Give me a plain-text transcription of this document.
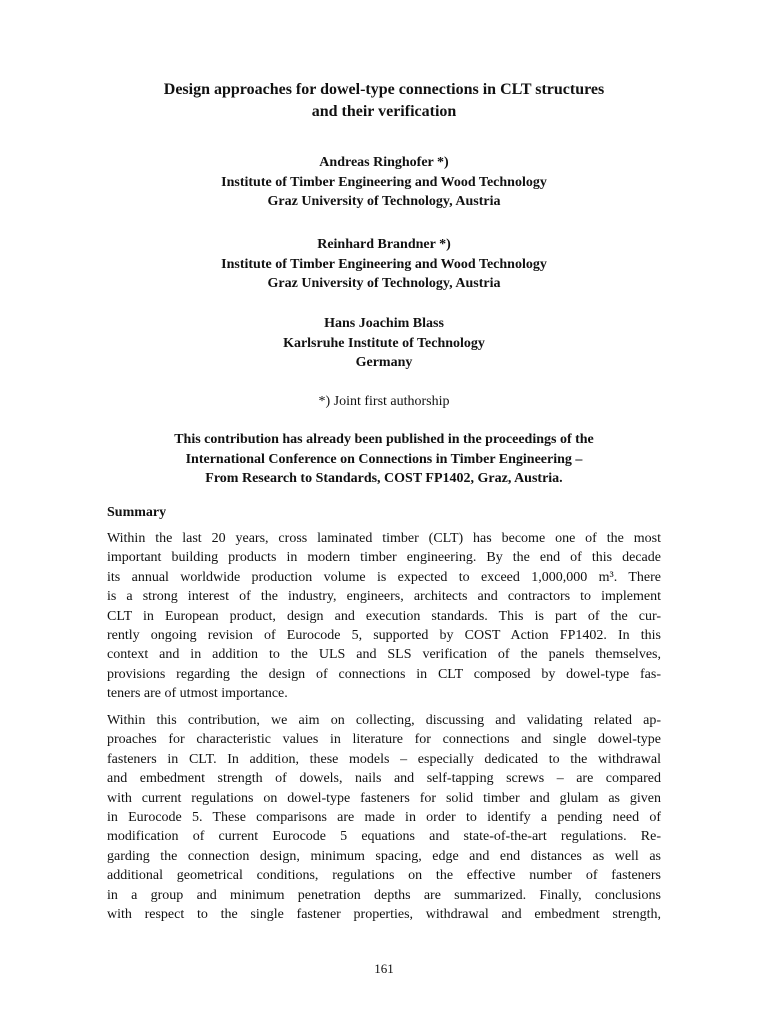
Design approaches for dowel-type connections in CLT structures
and their verification
Andreas Ringhofer *)
Institute of Timber Engineering and Wood Technology
Graz University of Technology, Austria
Reinhard Brandner *)
Institute of Timber Engineering and Wood Technology
Graz University of Technology, Austria
Hans Joachim Blass
Karlsruhe Institute of Technology
Germany
*) Joint first authorship
This contribution has already been published in the proceedings of the
International Conference on Connections in Timber Engineering –
From Research to Standards, COST FP1402, Graz, Austria.
Summary
Within the last 20 years, cross laminated timber (CLT) has become one of the most
important building products in modern timber engineering. By the end of this decade
its annual worldwide production volume is expected to exceed 1,000,000 m³. There
is a strong interest of the industry, engineers, architects and contractors to implement
CLT in European product, design and execution standards. This is part of the cur-
rently ongoing revision of Eurocode 5, supported by COST Action FP1402. In this
context and in addition to the ULS and SLS verification of the panels themselves,
provisions regarding the design of connections in CLT composed by dowel-type fas-
teners are of utmost importance.
Within this contribution, we aim on collecting, discussing and validating related ap-
proaches for characteristic values in literature for connections and single dowel-type
fasteners in CLT. In addition, these models – especially dedicated to the withdrawal
and embedment strength of dowels, nails and self-tapping screws – are compared
with current regulations on dowel-type fasteners for solid timber and glulam as given
in Eurocode 5. These comparisons are made in order to identify a pending need of
modification of current Eurocode 5 equations and state-of-the-art regulations. Re-
garding the connection design, minimum spacing, edge and end distances as well as
additional geometrical conditions, regulations on the effective number of fasteners
in a group and minimum penetration depths are summarized. Finally, conclusions
with respect to the single fastener properties, withdrawal and embedment strength,
161
